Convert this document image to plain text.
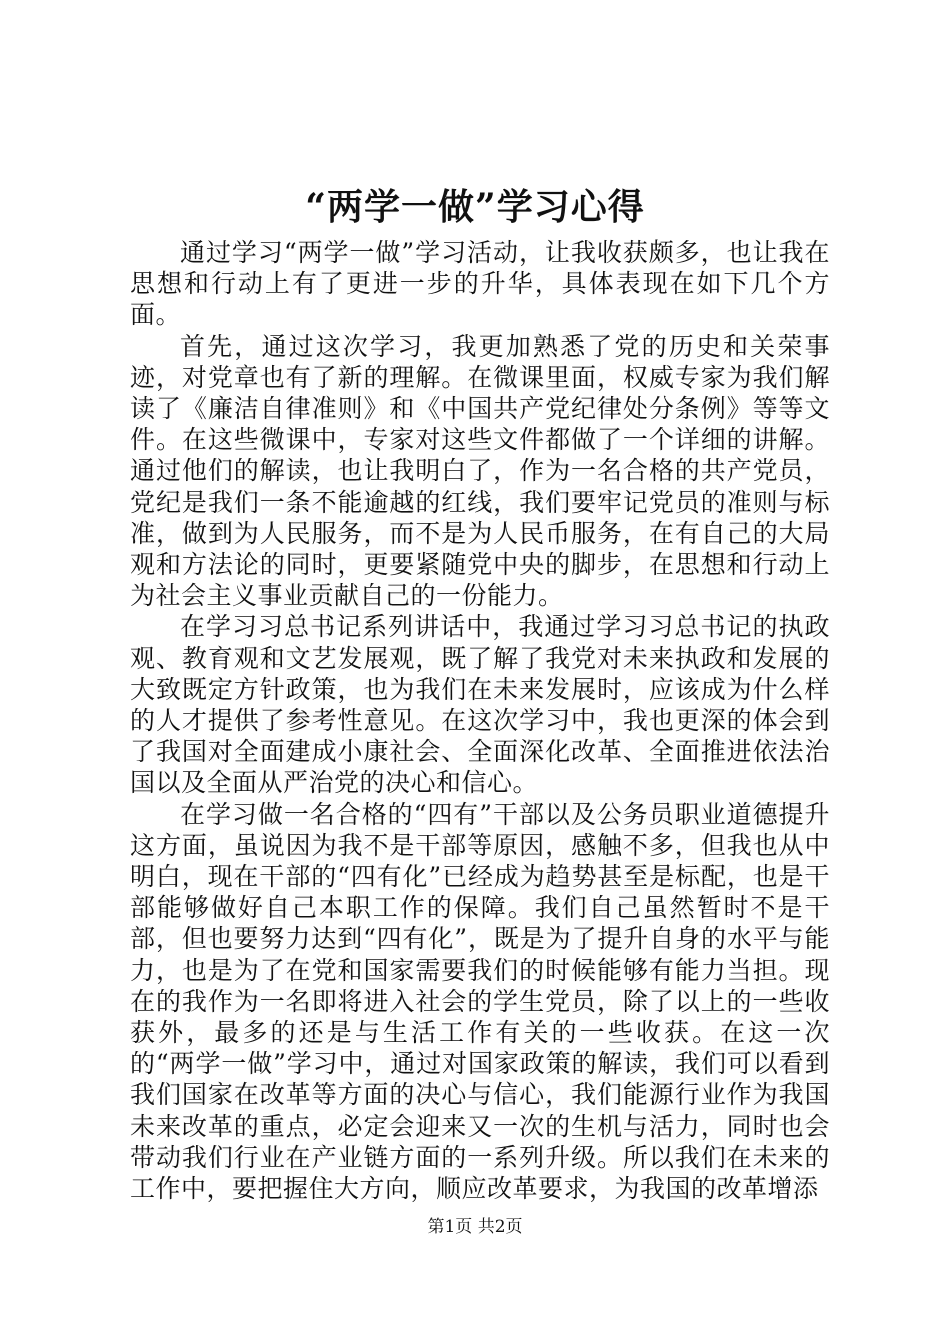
“两学一做”学习心得

通过学习“两学一做”学习活动，让我收获颇多，也让我在思想和行动上有了更进一步的升华，具体表现在如下几个方面。

首先，通过这次学习，我更加熟悉了党的历史和关荣事迹，对党章也有了新的理解。在微课里面，权威专家为我们解读了《廉洁自律准则》和《中国共产党纪律处分条例》等等文件。在这些微课中，专家对这些文件都做了一个详细的讲解。通过他们的解读，也让我明白了，作为一名合格的共产党员，党纪是我们一条不能逾越的红线，我们要牢记党员的准则与标准，做到为人民服务，而不是为人民币服务，在有自己的大局观和方法论的同时，更要紧随党中央的脚步，在思想和行动上为社会主义事业贡献自己的一份能力。

在学习习总书记系列讲话中，我通过学习习总书记的执政观、教育观和文艺发展观，既了解了我党对未来执政和发展的大致既定方针政策，也为我们在未来发展时，应该成为什么样的人才提供了参考性意见。在这次学习中，我也更深的体会到了我国对全面建成小康社会、全面深化改革、全面推进依法治国以及全面从严治党的决心和信心。

在学习做一名合格的“四有”干部以及公务员职业道德提升这方面，虽说因为我不是干部等原因，感触不多，但我也从中明白，现在干部的“四有化”已经成为趋势甚至是标配，也是干部能够做好自己本职工作的保障。我们自己虽然暂时不是干部，但也要努力达到“四有化”，既是为了提升自身的水平与能力，也是为了在党和国家需要我们的时候能够有能力当担。现在的我作为一名即将进入社会的学生党员，除了以上的一些收获外，最多的还是与生活工作有关的一些收获。在这一次的“两学一做”学习中，通过对国家政策的解读，我们可以看到我们国家在改革等方面的决心与信心，我们能源行业作为我国未来改革的重点，必定会迎来又一次的生机与活力，同时也会带动我们行业在产业链方面的一系列升级。所以我们在未来的工作中，要把握住大方向，顺应改革要求，为我国的改革增添

第1页 共2页
